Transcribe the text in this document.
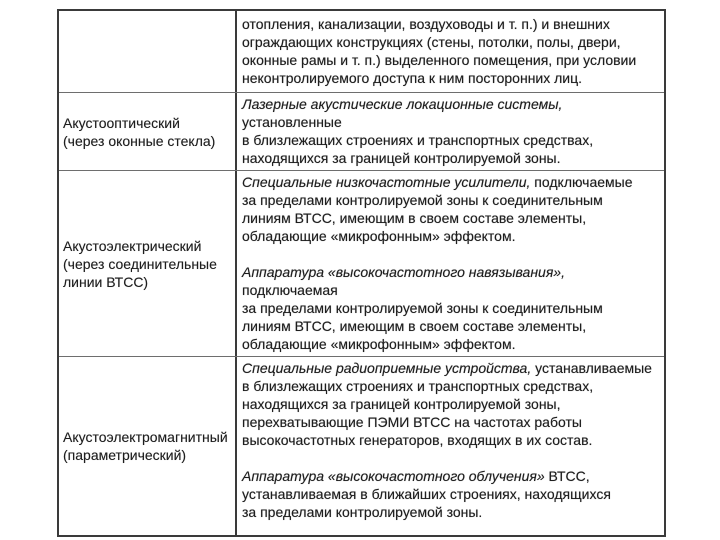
отопления, канализации, воздуховоды и т. п.) и внешних
ограждающих конструкциях (стены, потолки, полы, двери,
оконные рамы и т. п.) выделенного помещения, при условии
неконтролируемого доступа к ним посторонних лиц.
Акустооптический
(через оконные стекла)
Лазерные акустические локационные системы,
установленные
в близлежащих строениях и транспортных средствах,
находящихся за границей контролируемой зоны.
Акустоэлектрический
(через соединительные
линии ВТСС)
Специальные низкочастотные усилители, подключаемые
за пределами контролируемой зоны к соединительным
линиям ВТСС, имеющим в своем составе элементы,
обладающие «микрофонным» эффектом.
Аппаратура «высокочастотного навязывания»,
подключаемая
за пределами контролируемой зоны к соединительным
линиям ВТСС, имеющим в своем составе элементы,
обладающие «микрофонным» эффектом.
Акустоэлектромагнитный
(параметрический)
Специальные радиоприемные устройства, устанавливаемые
в близлежащих строениях и транспортных средствах,
находящихся за границей контролируемой зоны,
перехватывающие ПЭМИ ВТСС на частотах работы
высокочастотных генераторов, входящих в их состав.
Аппаратура «высокочастотного облучения» ВТСС,
устанавливаемая в ближайших строениях, находящихся
за пределами контролируемой зоны.
